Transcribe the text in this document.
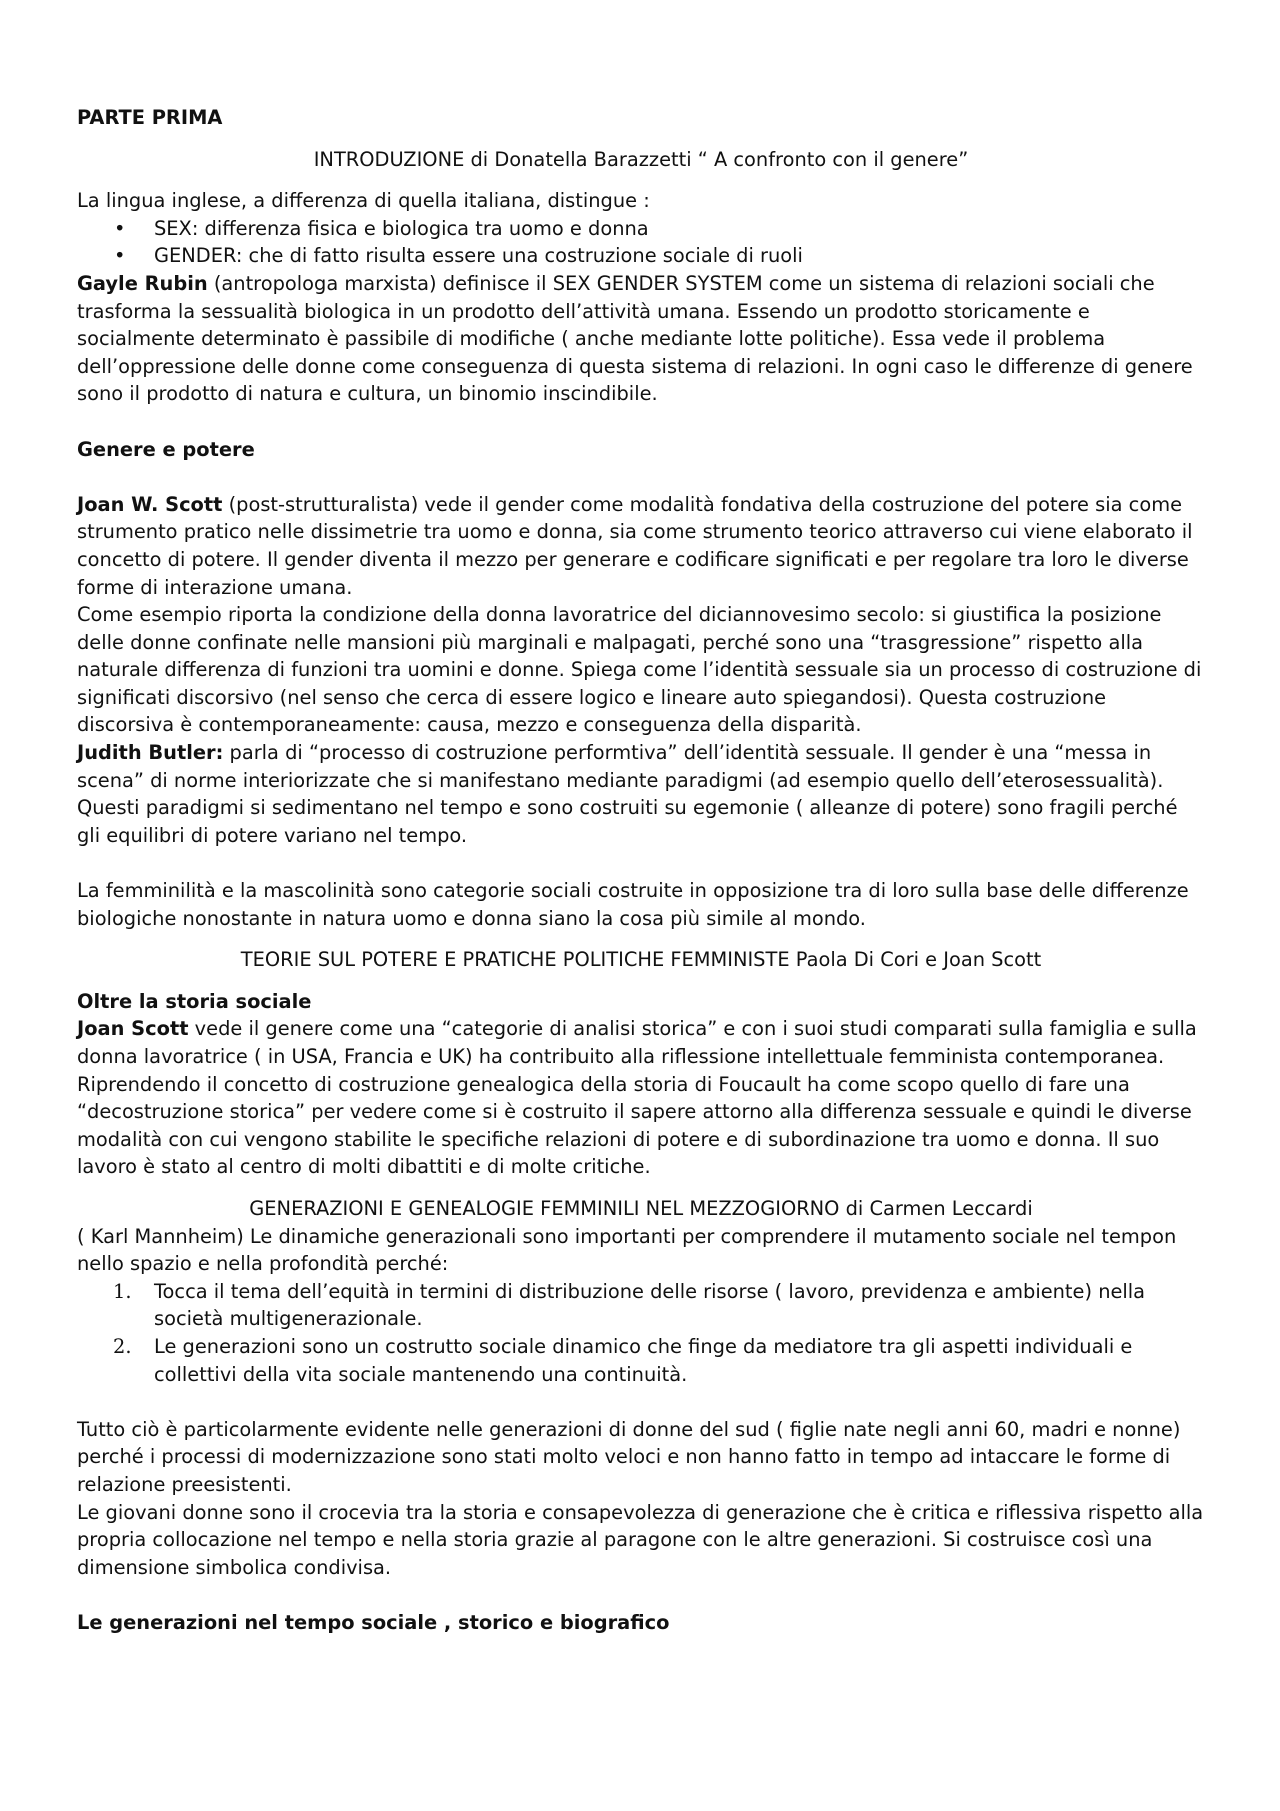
PARTE PRIMA

INTRODUZIONE di Donatella Barazzetti “ A confronto con il genere”

La lingua inglese, a differenza di quella italiana, distingue :

• SEX: differenza fisica e biologica tra uomo e donna
• GENDER: che di fatto risulta essere una costruzione sociale di ruoli

Gayle Rubin (antropologa marxista) definisce il SEX GENDER SYSTEM come un sistema di relazioni sociali che trasforma la sessualità biologica in un prodotto dell’attività umana. Essendo un prodotto storicamente e socialmente determinato è passibile di modifiche ( anche mediante lotte politiche). Essa vede il problema dell’oppressione delle donne come conseguenza di questa sistema di relazioni. In ogni caso le differenze di genere sono il prodotto di natura e cultura, un binomio inscindibile.

Genere e potere

Joan W. Scott (post-strutturalista) vede il gender come modalità fondativa della costruzione del potere sia come strumento pratico nelle dissimetrie tra uomo e donna, sia come strumento teorico attraverso cui viene elaborato il concetto di potere. Il gender diventa il mezzo per generare e codificare significati e per regolare tra loro le diverse forme di interazione umana.

Come esempio riporta la condizione della donna lavoratrice del diciannovesimo secolo: si giustifica la posizione delle donne confinate nelle mansioni più marginali e malpagati, perché sono una “trasgressione” rispetto alla naturale differenza di funzioni tra uomini e donne. Spiega come l’identità sessuale sia un processo di costruzione di significati discorsivo (nel senso che cerca di essere logico e lineare auto spiegandosi). Questa costruzione discorsiva è contemporaneamente: causa, mezzo e conseguenza della disparità.

Judith Butler: parla di “processo di costruzione performtiva” dell’identità sessuale. Il gender è una “messa in scena” di norme interiorizzate che si manifestano mediante paradigmi (ad esempio quello dell’eterosessualità). Questi paradigmi si sedimentano nel tempo e sono costruiti su egemonie ( alleanze di potere) sono fragili perché gli equilibri di potere variano nel tempo.

La femminilità e la mascolinità sono categorie sociali costruite in opposizione tra di loro sulla base delle differenze biologiche nonostante in natura uomo e donna siano la cosa più simile al mondo.

TEORIE SUL POTERE E PRATICHE POLITICHE FEMMINISTE Paola Di Cori e Joan Scott

Oltre la storia sociale

Joan Scott vede il genere come una “categorie di analisi storica” e con i suoi studi comparati sulla famiglia e sulla donna lavoratrice ( in USA, Francia e UK) ha contribuito alla riflessione intellettuale femminista contemporanea. Riprendendo il concetto di costruzione genealogica della storia di Foucault ha come scopo quello di fare una “decostruzione storica” per vedere come si è costruito il sapere attorno alla differenza sessuale e quindi le diverse modalità con cui vengono stabilite le specifiche relazioni di potere e di subordinazione tra uomo e donna. Il suo lavoro è stato al centro di molti dibattiti e di molte critiche.

GENERAZIONI E GENEALOGIE FEMMINILI NEL MEZZOGIORNO di Carmen Leccardi

( Karl Mannheim) Le dinamiche generazionali sono importanti per comprendere il mutamento sociale nel tempon nello spazio e nella profondità perché:

1. Tocca il tema dell’equità in termini di distribuzione delle risorse ( lavoro, previdenza e ambiente) nella società multigenerazionale.
2. Le generazioni sono un costrutto sociale dinamico che finge da mediatore tra gli aspetti individuali e collettivi della vita sociale mantenendo una continuità.

Tutto ciò è particolarmente evidente nelle generazioni di donne del sud ( figlie nate negli anni 60, madri e nonne) perché i processi di modernizzazione sono stati molto veloci e non hanno fatto in tempo ad intaccare le forme di relazione preesistenti.

Le giovani donne sono il crocevia tra la storia e consapevolezza di generazione che è critica e riflessiva rispetto alla propria collocazione nel tempo e nella storia grazie al paragone con le altre generazioni. Si costruisce così una dimensione simbolica condivisa.

Le generazioni nel tempo sociale , storico e biografico
